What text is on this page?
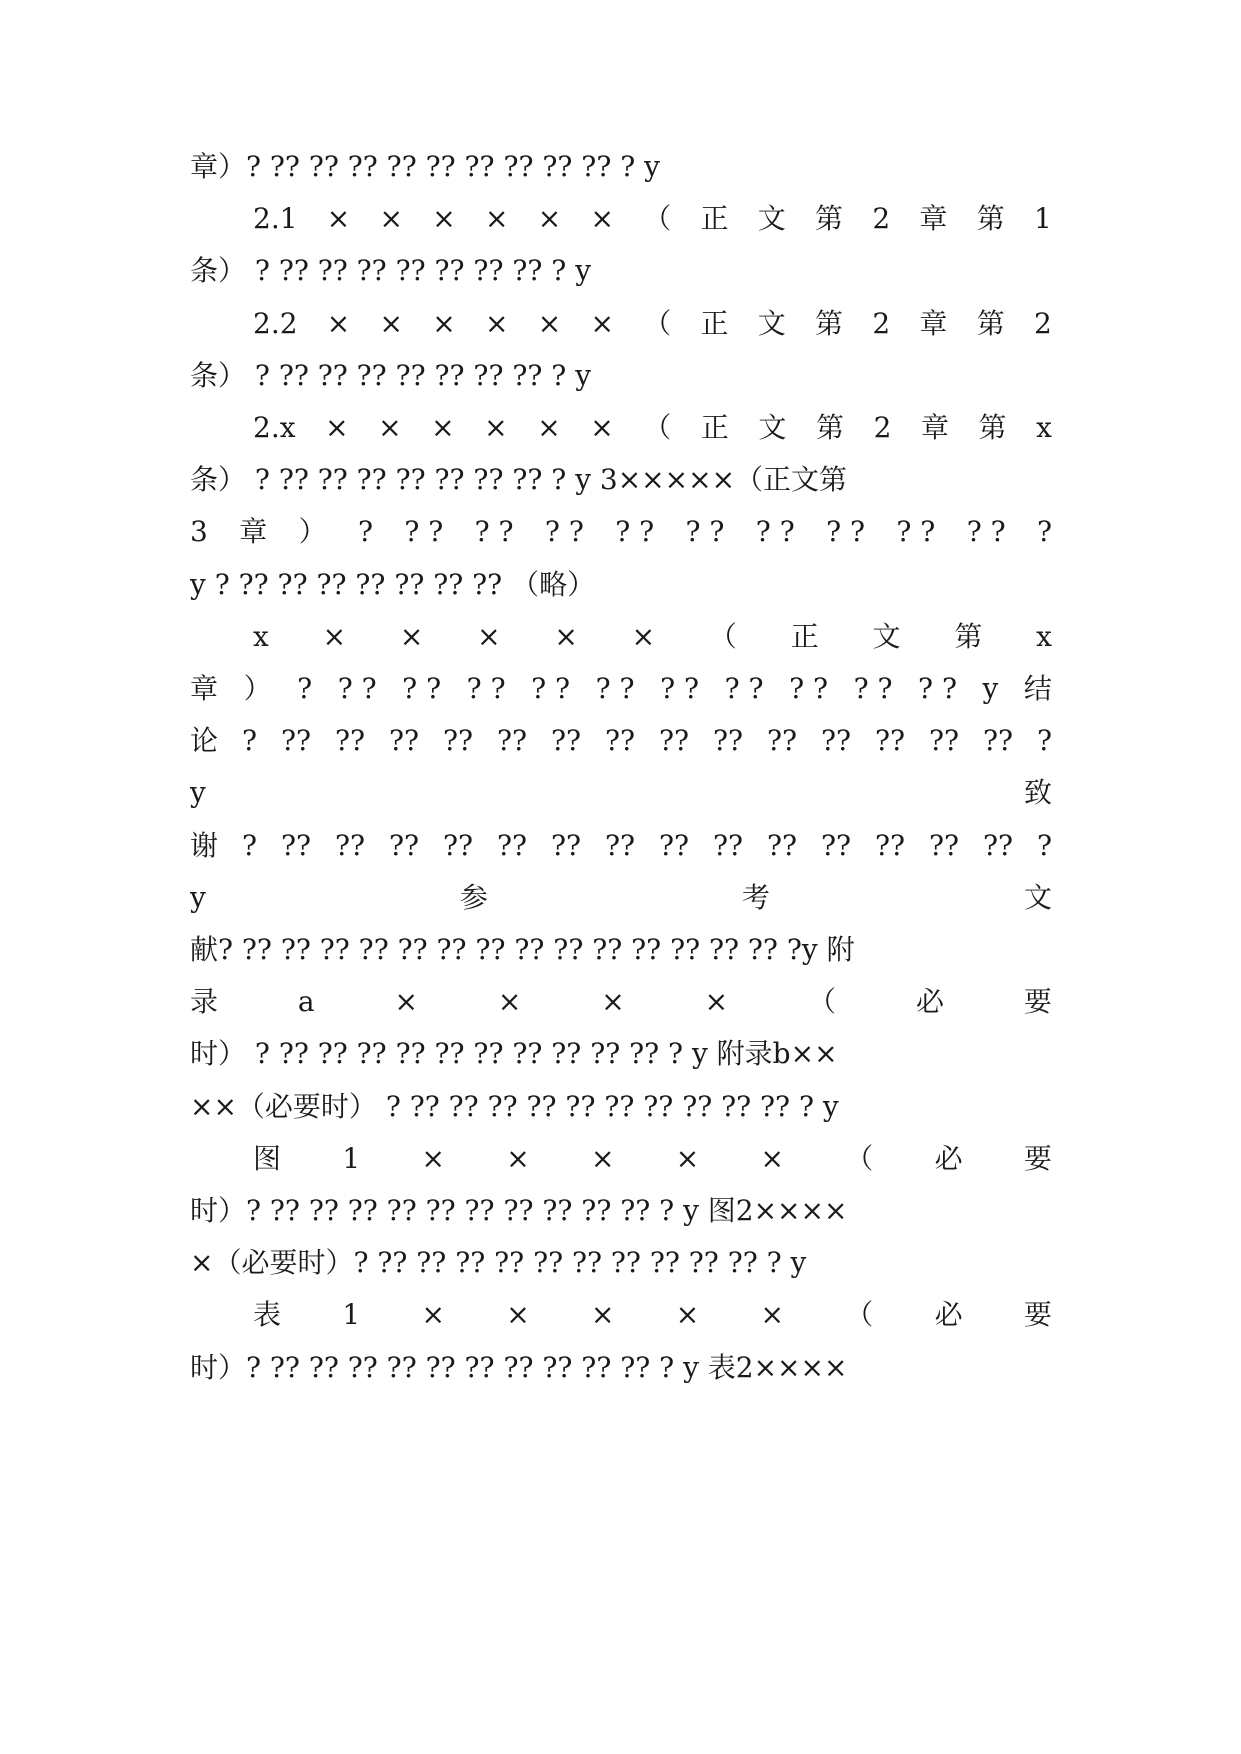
章）? ?? ?? ?? ?? ?? ?? ?? ?? ?? ? y
2.1 × × × × × × （ 正 文 第 2 章 第 1
条） ? ?? ?? ?? ?? ?? ?? ?? ? y
2.2 × × × × × × （ 正 文 第 2 章 第 2
条） ? ?? ?? ?? ?? ?? ?? ?? ? y
2.x × × × × × × （ 正 文 第 2 章 第 x
条） ? ?? ?? ?? ?? ?? ?? ?? ? y 3×××××（正文第
3 章 ） ? ? ? ? ? ? ? ? ? ? ? ? ? ? ? ? ? ? ? ?
y ? ?? ?? ?? ?? ?? ?? ?? （略）
x × × × × × （ 正 文 第 x
章 ） ? ? ? ? ? ? ? ? ? ? ? ? ? ? ? ? ? ? ? ? ? y 结
论 ? ?? ?? ?? ?? ?? ?? ?? ?? ?? ?? ?? ?? ?? ?? ?
y	致
谢 ? ?? ?? ?? ?? ?? ?? ?? ?? ?? ?? ?? ?? ?? ?? ?
y	参	考	文
献? ?? ?? ?? ?? ?? ?? ?? ?? ?? ?? ?? ?? ?? ?? ?y 附
录	a	×	×	×	×	（	必	要
时） ? ?? ?? ?? ?? ?? ?? ?? ?? ?? ?? ? y 附录b××
××（必要时） ? ?? ?? ?? ?? ?? ?? ?? ?? ?? ?? ? y
图 1 × × × × × （ 必 要
时）? ?? ?? ?? ?? ?? ?? ?? ?? ?? ?? ? y 图2××××
×（必要时）? ?? ?? ?? ?? ?? ?? ?? ?? ?? ?? ? y
表 1 × × × × × （ 必 要
时）? ?? ?? ?? ?? ?? ?? ?? ?? ?? ?? ? y 表2××××
